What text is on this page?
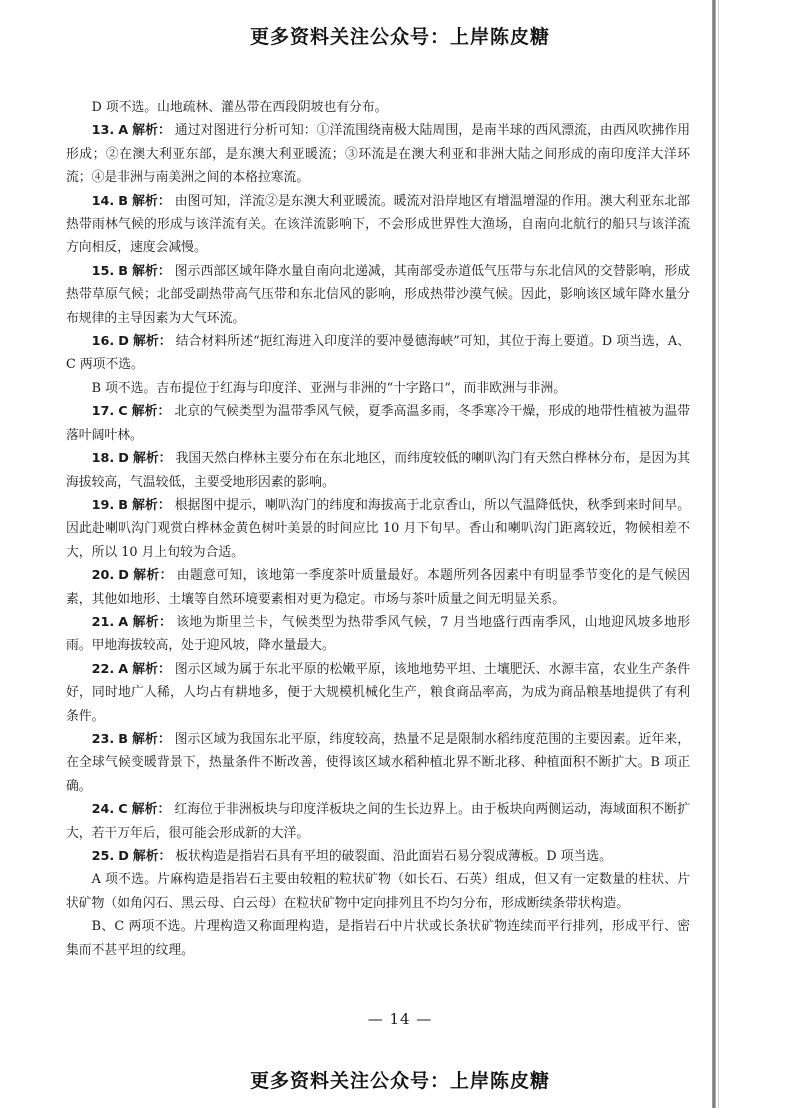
更多资料关注公众号：上岸陈皮糖

D 项不选。山地疏林、灌丛带在西段阴坡也有分布。

13. A 解析： 通过对图进行分析可知：①洋流围绕南极大陆周围，是南半球的西风漂流，由西风吹拂作用形成；②在澳大利亚东部，是东澳大利亚暖流；③环流是在澳大利亚和非洲大陆之间形成的南印度洋大洋环流；④是非洲与南美洲之间的本格拉寒流。

14. B 解析： 由图可知，洋流②是东澳大利亚暖流。暖流对沿岸地区有增温增湿的作用。澳大利亚东北部热带雨林气候的形成与该洋流有关。在该洋流影响下，不会形成世界性大渔场，自南向北航行的船只与该洋流方向相反，速度会减慢。

15. B 解析： 图示西部区域年降水量自南向北递减，其南部受赤道低气压带与东北信风的交替影响，形成热带草原气候；北部受副热带高气压带和东北信风的影响，形成热带沙漠气候。因此，影响该区域年降水量分布规律的主导因素为大气环流。

16. D 解析： 结合材料所述“扼红海进入印度洋的要冲曼德海峡”可知，其位于海上要道。D 项当选，A、C 两项不选。

B 项不选。吉布提位于红海与印度洋、亚洲与非洲的“十字路口”，而非欧洲与非洲。

17. C 解析： 北京的气候类型为温带季风气候，夏季高温多雨，冬季寒冷干燥，形成的地带性植被为温带落叶阔叶林。

18. D 解析： 我国天然白桦林主要分布在东北地区，而纬度较低的喇叭沟门有天然白桦林分布，是因为其海拔较高，气温较低，主要受地形因素的影响。

19. B 解析： 根据图中提示，喇叭沟门的纬度和海拔高于北京香山，所以气温降低快，秋季到来时间早。因此赴喇叭沟门观赏白桦林金黄色树叶美景的时间应比 10 月下旬早。香山和喇叭沟门距离较近，物候相差不大，所以 10 月上旬较为合适。

20. D 解析： 由题意可知，该地第一季度茶叶质量最好。本题所列各因素中有明显季节变化的是气候因素，其他如地形、土壤等自然环境要素相对更为稳定。市场与茶叶质量之间无明显关系。

21. A 解析： 该地为斯里兰卡，气候类型为热带季风气候，7 月当地盛行西南季风，山地迎风坡多地形雨。甲地海拔较高，处于迎风坡，降水量最大。

22. A 解析： 图示区域为属于东北平原的松嫩平原，该地地势平坦、土壤肥沃、水源丰富，农业生产条件好，同时地广人稀，人均占有耕地多，便于大规模机械化生产，粮食商品率高，为成为商品粮基地提供了有利条件。

23. B 解析： 图示区域为我国东北平原，纬度较高，热量不足是限制水稻纬度范围的主要因素。近年来，在全球气候变暖背景下，热量条件不断改善，使得该区域水稻种植北界不断北移、种植面积不断扩大。B 项正确。

24. C 解析： 红海位于非洲板块与印度洋板块之间的生长边界上。由于板块向两侧运动，海域面积不断扩大，若干万年后，很可能会形成新的大洋。

25. D 解析： 板状构造是指岩石具有平坦的破裂面、沿此面岩石易分裂成薄板。D 项当选。

A 项不选。片麻构造是指岩石主要由较粗的粒状矿物（如长石、石英）组成，但又有一定数量的柱状、片状矿物（如角闪石、黑云母、白云母）在粒状矿物中定向排列且不均匀分布，形成断续条带状构造。

B、C 两项不选。片理构造又称面理构造，是指岩石中片状或长条状矿物连续而平行排列，形成平行、密集而不甚平坦的纹理。

— 14 —
更多资料关注公众号：上岸陈皮糖
